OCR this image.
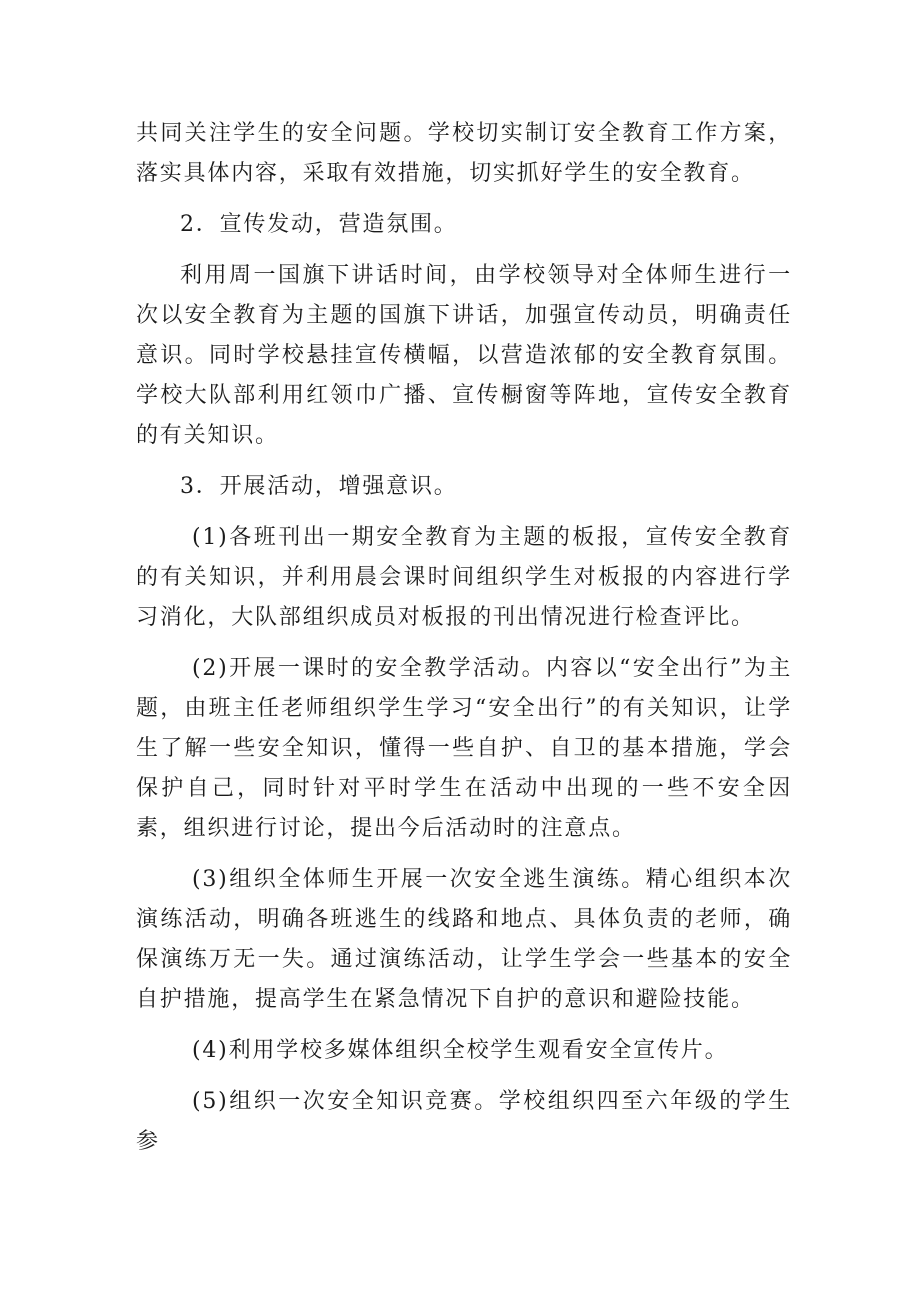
共同关注学生的安全问题。学校切实制订安全教育工作方案，落实具体内容，采取有效措施，切实抓好学生的安全教育。

2．宣传发动，营造氛围。

利用周一国旗下讲话时间，由学校领导对全体师生进行一次以安全教育为主题的国旗下讲话，加强宣传动员，明确责任意识。同时学校悬挂宣传横幅，以营造浓郁的安全教育氛围。学校大队部利用红领巾广播、宣传橱窗等阵地，宣传安全教育的有关知识。

3．开展活动，增强意识。

(1)各班刊出一期安全教育为主题的板报，宣传安全教育的有关知识，并利用晨会课时间组织学生对板报的内容进行学习消化，大队部组织成员对板报的刊出情况进行检查评比。

(2)开展一课时的安全教学活动。内容以“安全出行”为主题，由班主任老师组织学生学习“安全出行”的有关知识，让学生了解一些安全知识，懂得一些自护、自卫的基本措施，学会保护自己，同时针对平时学生在活动中出现的一些不安全因素，组织进行讨论，提出今后活动时的注意点。

(3)组织全体师生开展一次安全逃生演练。精心组织本次演练活动，明确各班逃生的线路和地点、具体负责的老师，确保演练万无一失。通过演练活动，让学生学会一些基本的安全自护措施，提高学生在紧急情况下自护的意识和避险技能。

(4)利用学校多媒体组织全校学生观看安全宣传片。

(5)组织一次安全知识竞赛。学校组织四至六年级的学生参
